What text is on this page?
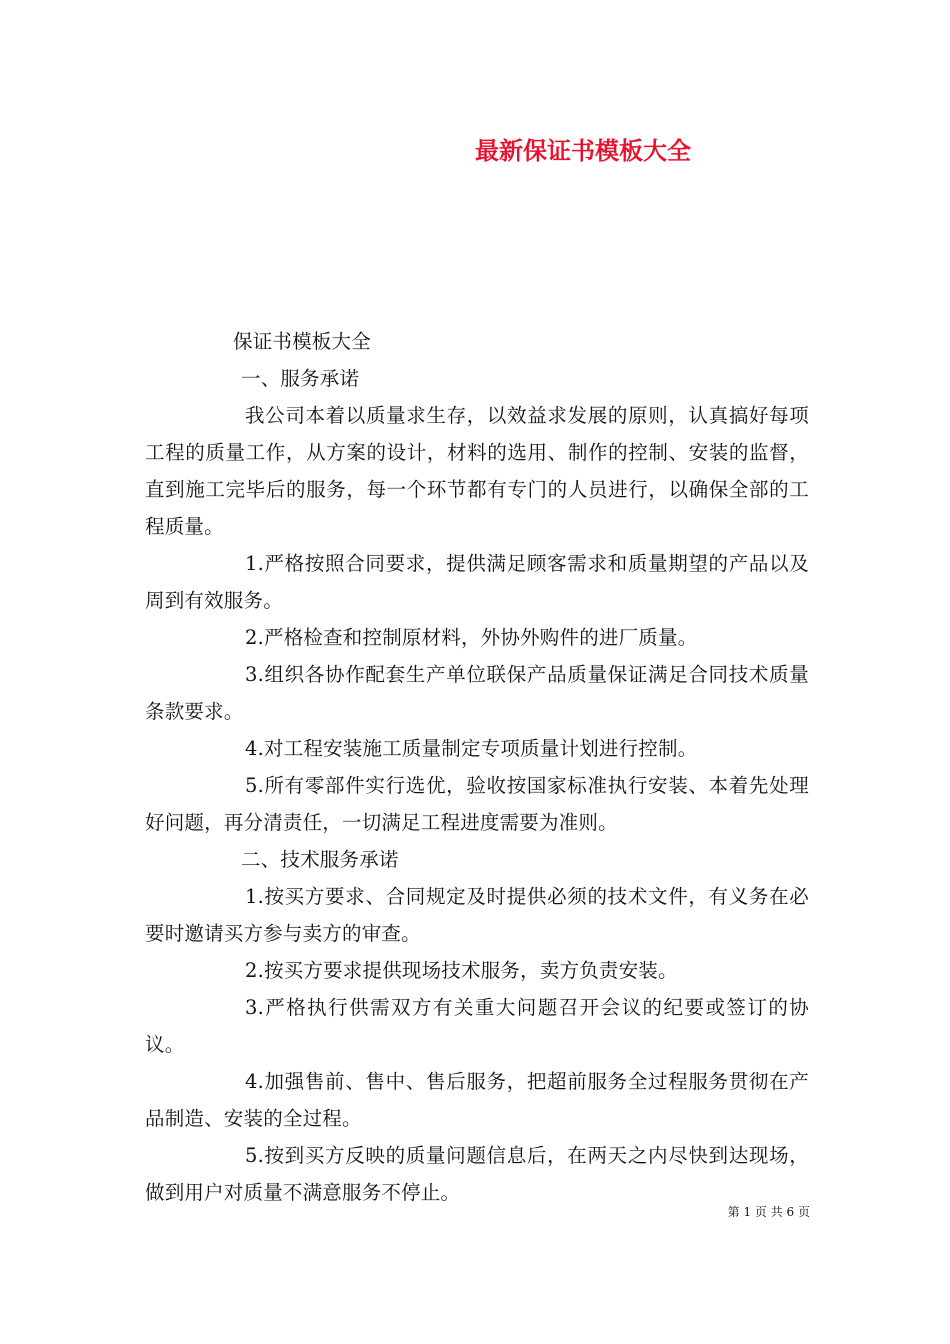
最新保证书模板大全

保证书模板大全

一、服务承诺

我公司本着以质量求生存，以效益求发展的原则，认真搞好每项工程的质量工作，从方案的设计，材料的选用、制作的控制、安装的监督，直到施工完毕后的服务，每一个环节都有专门的人员进行，以确保全部的工程质量。

1.严格按照合同要求，提供满足顾客需求和质量期望的产品以及周到有效服务。

2.严格检查和控制原材料，外协外购件的进厂质量。

3.组织各协作配套生产单位联保产品质量保证满足合同技术质量条款要求。

4.对工程安装施工质量制定专项质量计划进行控制。

5.所有零部件实行选优，验收按国家标准执行安装、本着先处理好问题，再分清责任，一切满足工程进度需要为准则。

二、技术服务承诺

1.按买方要求、合同规定及时提供必须的技术文件，有义务在必要时邀请买方参与卖方的审查。

2.按买方要求提供现场技术服务，卖方负责安装。

3.严格执行供需双方有关重大问题召开会议的纪要或签订的协议。

4.加强售前、售中、售后服务，把超前服务全过程服务贯彻在产品制造、安装的全过程。

5.按到买方反映的质量问题信息后，在两天之内尽快到达现场，做到用户对质量不满意服务不停止。

第 1 页 共 6 页
